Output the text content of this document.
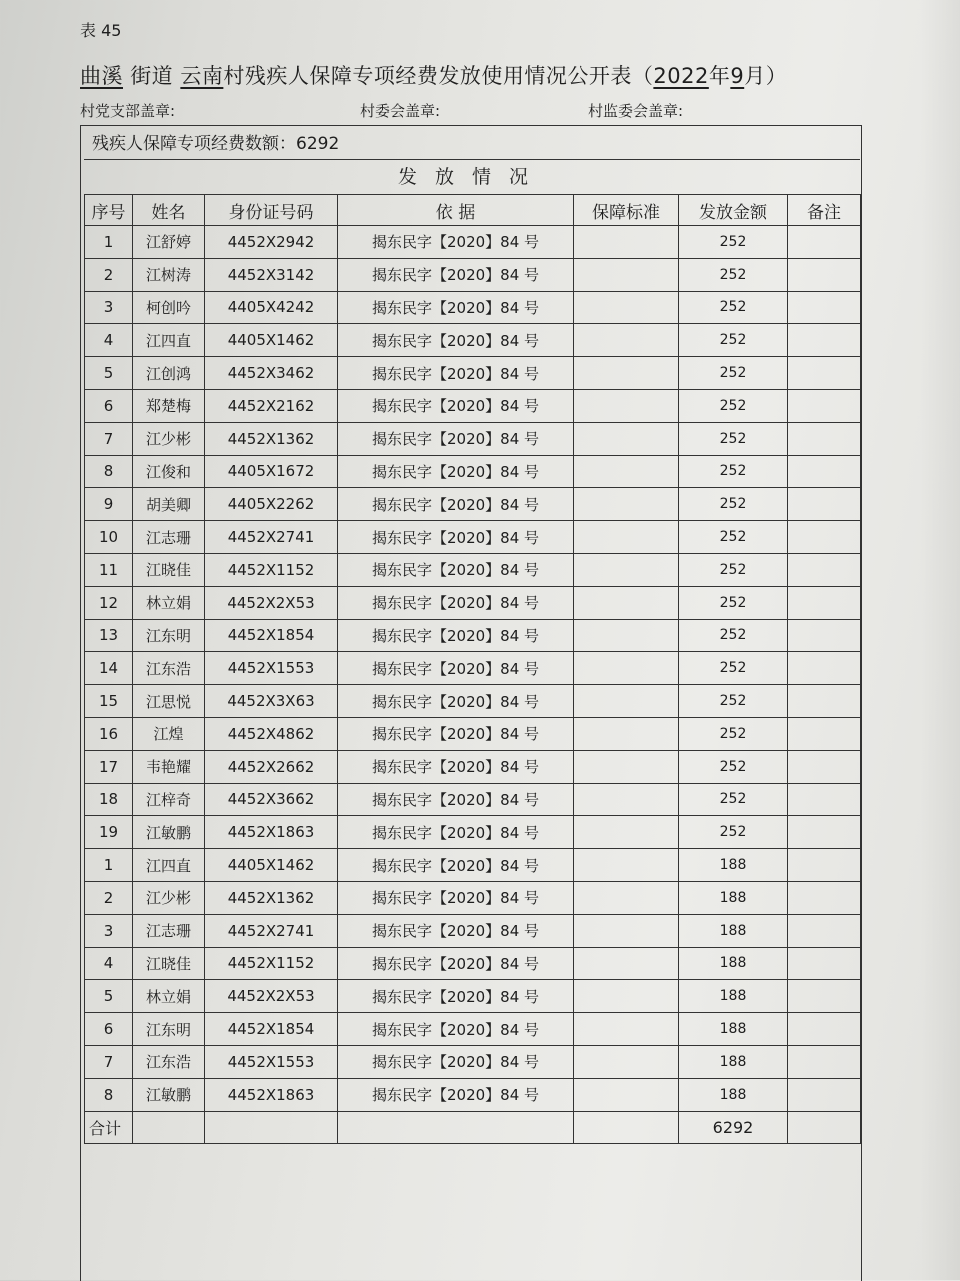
表 45
曲溪 街道 云南村残疾人保障专项经费发放使用情况公开表（2022年9月）
村党支部盖章:	村委会盖章:	村监委会盖章:
残疾人保障专项经费数额：6292
发放情况
序号	姓名	身份证号码	依 据	保障标准	发放金额	备注
1	江舒婷	4452X2942	揭东民字【2020】84 号		252	
2	江树涛	4452X3142	揭东民字【2020】84 号		252	
3	柯创吟	4405X4242	揭东民字【2020】84 号		252	
4	江四直	4405X1462	揭东民字【2020】84 号		252	
5	江创鸿	4452X3462	揭东民字【2020】84 号		252	
6	郑楚梅	4452X2162	揭东民字【2020】84 号		252	
7	江少彬	4452X1362	揭东民字【2020】84 号		252	
8	江俊和	4405X1672	揭东民字【2020】84 号		252	
9	胡美卿	4405X2262	揭东民字【2020】84 号		252	
10	江志珊	4452X2741	揭东民字【2020】84 号		252	
11	江晓佳	4452X1152	揭东民字【2020】84 号		252	
12	林立娟	4452X2X53	揭东民字【2020】84 号		252	
13	江东明	4452X1854	揭东民字【2020】84 号		252	
14	江东浩	4452X1553	揭东民字【2020】84 号		252	
15	江思悦	4452X3X63	揭东民字【2020】84 号		252	
16	江煌	4452X4862	揭东民字【2020】84 号		252	
17	韦艳耀	4452X2662	揭东民字【2020】84 号		252	
18	江梓奇	4452X3662	揭东民字【2020】84 号		252	
19	江敏鹏	4452X1863	揭东民字【2020】84 号		252	
1	江四直	4405X1462	揭东民字【2020】84 号		188	
2	江少彬	4452X1362	揭东民字【2020】84 号		188	
3	江志珊	4452X2741	揭东民字【2020】84 号		188	
4	江晓佳	4452X1152	揭东民字【2020】84 号		188	
5	林立娟	4452X2X53	揭东民字【2020】84 号		188	
6	江东明	4452X1854	揭东民字【2020】84 号		188	
7	江东浩	4452X1553	揭东民字【2020】84 号		188	
8	江敏鹏	4452X1863	揭东民字【2020】84 号		188	
合计					6292	
